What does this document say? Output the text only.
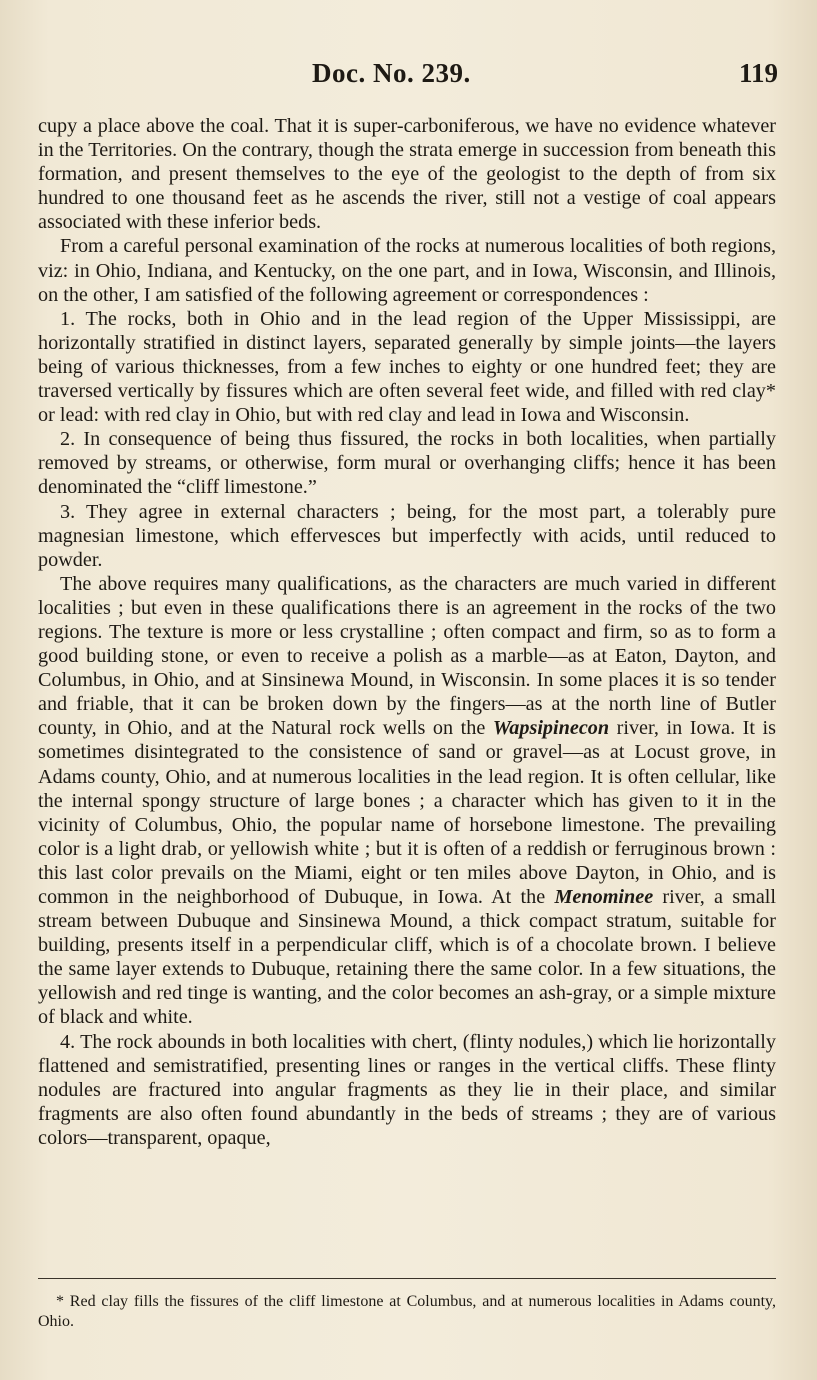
Doc. No. 239.	119

cupy a place above the coal. That it is super-carboniferous, we have no evidence whatever in the Territories. On the contrary, though the strata emerge in succession from beneath this formation, and present themselves to the eye of the geologist to the depth of from six hundred to one thousand feet as he ascends the river, still not a vestige of coal appears associated with these inferior beds.

From a careful personal examination of the rocks at numerous localities of both regions, viz: in Ohio, Indiana, and Kentucky, on the one part, and in Iowa, Wisconsin, and Illinois, on the other, I am satisfied of the following agreement or correspondences :

1. The rocks, both in Ohio and in the lead region of the Upper Mississippi, are horizontally stratified in distinct layers, separated generally by simple joints—the layers being of various thicknesses, from a few inches to eighty or one hundred feet; they are traversed vertically by fissures which are often several feet wide, and filled with red clay* or lead: with red clay in Ohio, but with red clay and lead in Iowa and Wisconsin.

2. In consequence of being thus fissured, the rocks in both localities, when partially removed by streams, or otherwise, form mural or overhanging cliffs; hence it has been denominated the “cliff limestone.”

3. They agree in external characters ; being, for the most part, a tolerably pure magnesian limestone, which effervesces but imperfectly with acids, until reduced to powder.

The above requires many qualifications, as the characters are much varied in different localities ; but even in these qualifications there is an agreement in the rocks of the two regions. The texture is more or less crystalline ; often compact and firm, so as to form a good building stone, or even to receive a polish as a marble—as at Eaton, Dayton, and Columbus, in Ohio, and at Sinsinewa Mound, in Wisconsin. In some places it is so tender and friable, that it can be broken down by the fingers—as at the north line of Butler county, in Ohio, and at the Natural rock wells on the Wapsipinecon river, in Iowa. It is sometimes disintegrated to the consistence of sand or gravel—as at Locust grove, in Adams county, Ohio, and at numerous localities in the lead region. It is often cellular, like the internal spongy structure of large bones ; a character which has given to it in the vicinity of Columbus, Ohio, the popular name of horsebone limestone. The prevailing color is a light drab, or yellowish white ; but it is often of a reddish or ferruginous brown : this last color prevails on the Miami, eight or ten miles above Dayton, in Ohio, and is common in the neighborhood of Dubuque, in Iowa. At the Menominee river, a small stream between Dubuque and Sinsinewa Mound, a thick compact stratum, suitable for building, presents itself in a perpendicular cliff, which is of a chocolate brown. I believe the same layer extends to Dubuque, retaining there the same color. In a few situations, the yellowish and red tinge is wanting, and the color becomes an ash-gray, or a simple mixture of black and white.

4. The rock abounds in both localities with chert, (flinty nodules,) which lie horizontally flattened and semistratified, presenting lines or ranges in the vertical cliffs. These flinty nodules are fractured into angular fragments as they lie in their place, and similar fragments are also often found abundantly in the beds of streams ; they are of various colors—transparent, opaque,

* Red clay fills the fissures of the cliff limestone at Columbus, and at numerous localities in Adams county, Ohio.
